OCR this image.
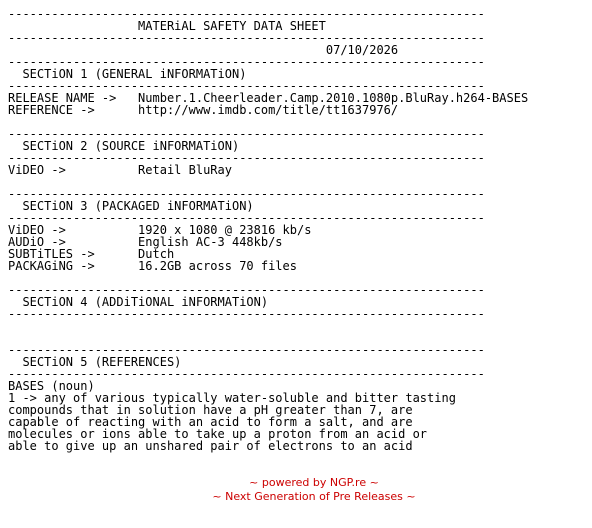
------------------------------------------------------------------
MATERiAL SAFETY DATA SHEET
------------------------------------------------------------------
07/10/2026
------------------------------------------------------------------
SECTiON 1 (GENERAL iNFORMATiON)
------------------------------------------------------------------
RELEASE NAME ->   Number.1.Cheerleader.Camp.2010.1080p.BluRay.h264-BASES
REFERENCE ->      http://www.imdb.com/title/tt1637976/
------------------------------------------------------------------
SECTiON 2 (SOURCE iNFORMATiON)
------------------------------------------------------------------
ViDEO ->          Retail BluRay
------------------------------------------------------------------
SECTiON 3 (PACKAGED iNFORMATiON)
------------------------------------------------------------------
ViDEO ->          1920 x 1080 @ 23816 kb/s
AUDiO ->          English AC-3 448kb/s
SUBTiTLES ->      Dutch
PACKAGiNG ->      16.2GB across 70 files
------------------------------------------------------------------
SECTiON 4 (ADDiTiONAL iNFORMATiON)
------------------------------------------------------------------
------------------------------------------------------------------
SECTiON 5 (REFERENCES)
------------------------------------------------------------------
BASES (noun)
1 -> any of various typically water-soluble and bitter tasting
compounds that in solution have a pH greater than 7, are
capable of reacting with an acid to form a salt, and are
molecules or ions able to take up a proton from an acid or
able to give up an unshared pair of electrons to an acid
~ powered by NGP.re ~
~ Next Generation of Pre Releases ~
